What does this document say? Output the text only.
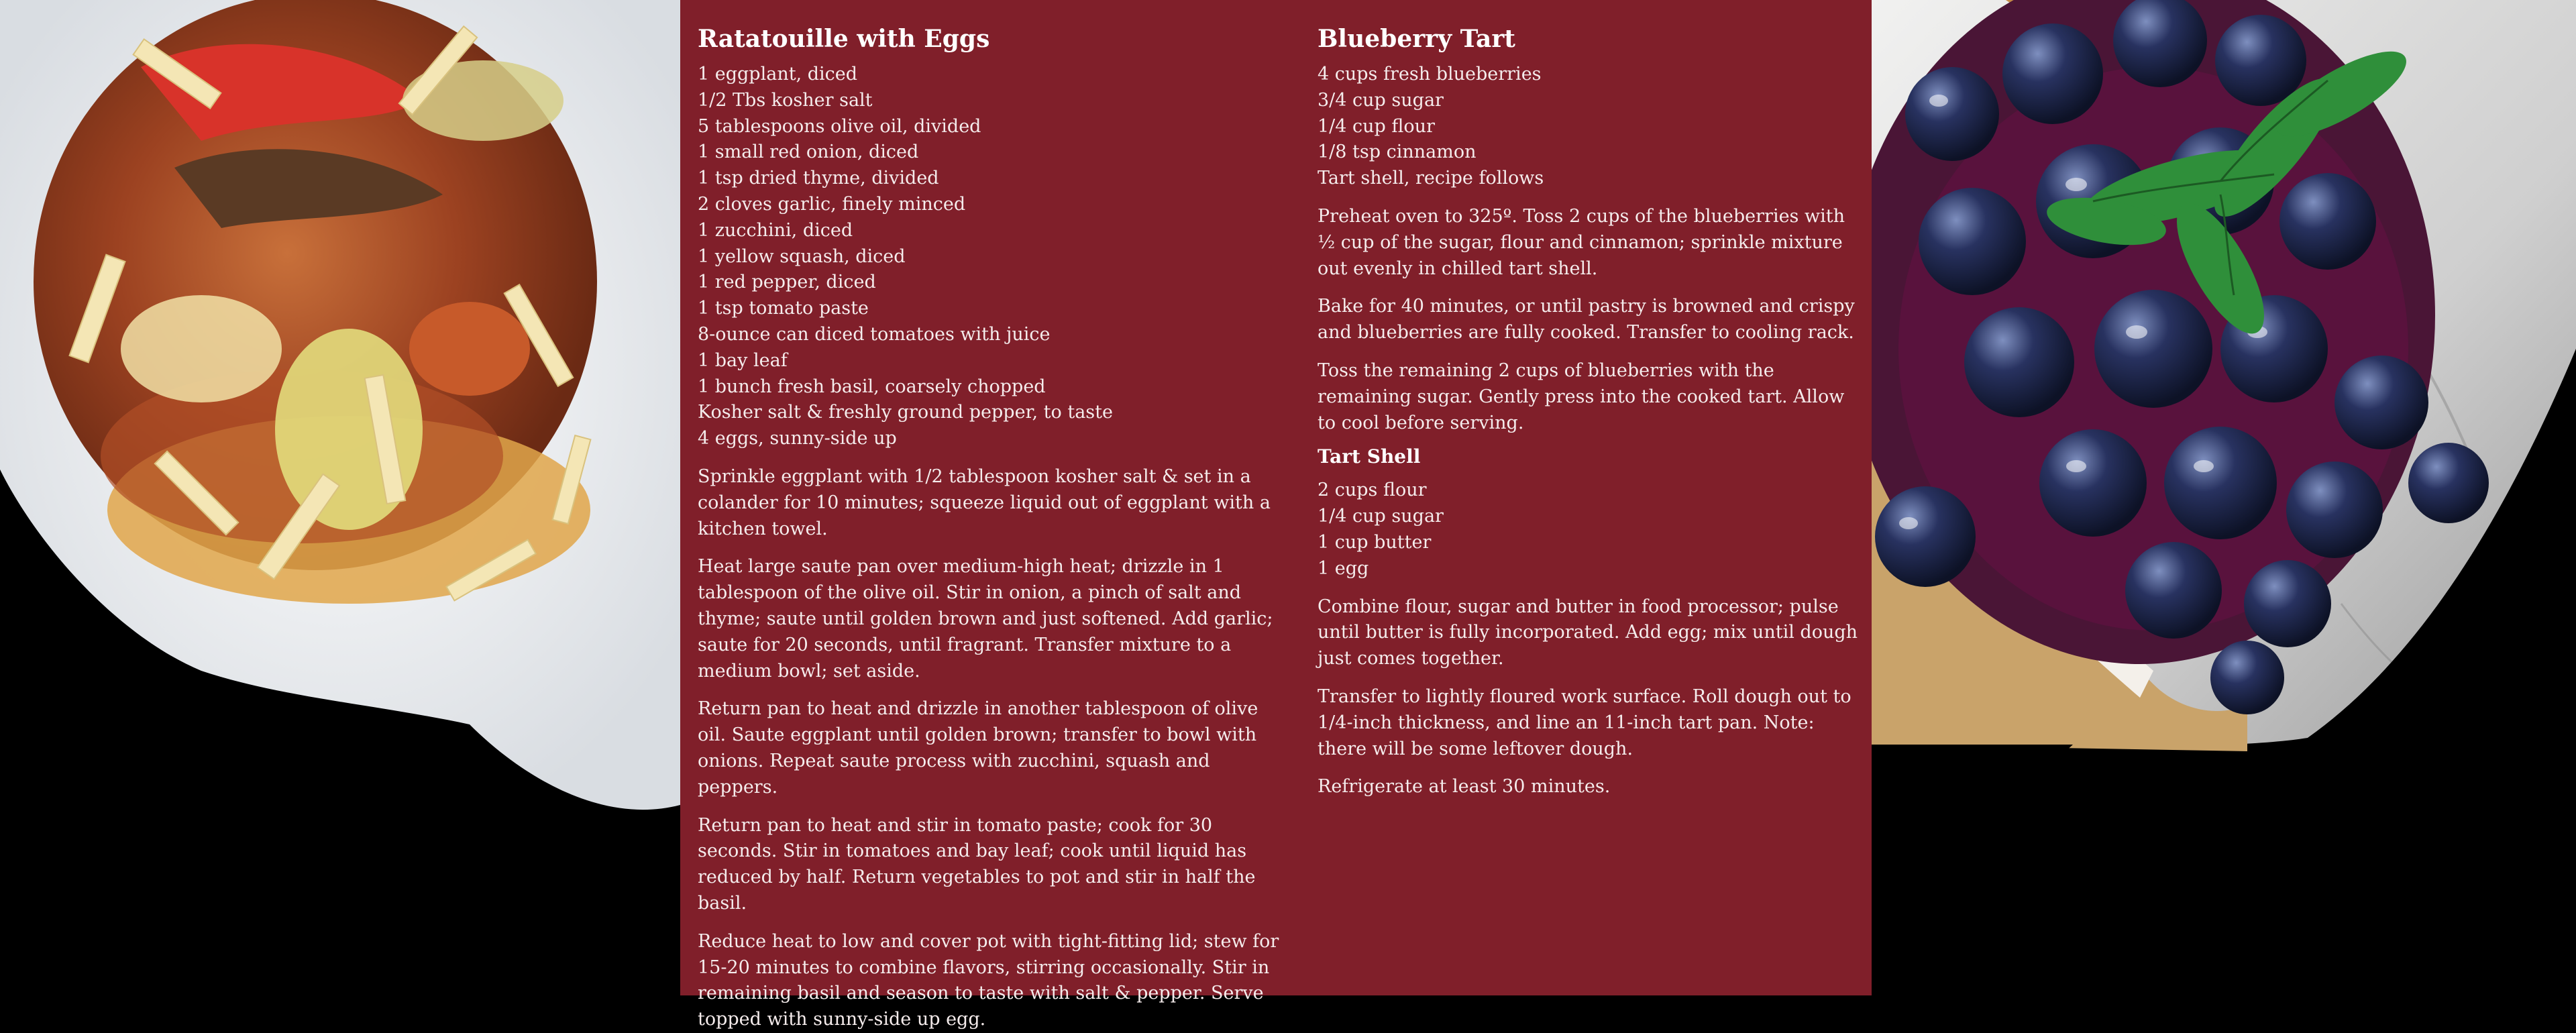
Ratatouille with Eggs
1 eggplant, diced
1/2 Tbs kosher salt
5 tablespoons olive oil, divided
1 small red onion, diced
1 tsp dried thyme, divided
2 cloves garlic, finely minced
1 zucchini, diced
1 yellow squash, diced
1 red pepper, diced
1 tsp tomato paste
8-ounce can diced tomatoes with juice
1 bay leaf
1 bunch fresh basil, coarsely chopped
Kosher salt & freshly ground pepper, to taste
4 eggs, sunny-side up

Sprinkle eggplant with 1/2 tablespoon kosher salt & set in a colander for 10 minutes; squeeze liquid out of eggplant with a kitchen towel.

Heat large saute pan over medium-high heat; drizzle in 1 tablespoon of the olive oil. Stir in onion, a pinch of salt and thyme; saute until golden brown and just softened. Add garlic; saute for 20 seconds, until fragrant. Transfer mixture to a medium bowl; set aside.

Return pan to heat and drizzle in another tablespoon of olive oil. Saute eggplant until golden brown; transfer to bowl with onions. Repeat saute process with zucchini, squash and peppers.

Return pan to heat and stir in tomato paste; cook for 30 seconds. Stir in tomatoes and bay leaf; cook until liquid has reduced by half. Return vegetables to pot and stir in half the basil.

Reduce heat to low and cover pot with tight-fitting lid; stew for 15-20 minutes to combine flavors, stirring occasionally. Stir in remaining basil and season to taste with salt & pepper. Serve topped with sunny-side up egg.

Blueberry Tart
4 cups fresh blueberries
3/4 cup sugar
1/4 cup flour
1/8 tsp cinnamon
Tart shell, recipe follows

Preheat oven to 325º. Toss 2 cups of the blueberries with ½ cup of the sugar, flour and cinnamon; sprinkle mixture out evenly in chilled tart shell.

Bake for 40 minutes, or until pastry is browned and crispy and blueberries are fully cooked. Transfer to cooling rack.

Toss the remaining 2 cups of blueberries with the remaining sugar. Gently press into the cooked tart. Allow to cool before serving.

Tart Shell
2 cups flour
1/4 cup sugar
1 cup butter
1 egg

Combine flour, sugar and butter in food processor; pulse until butter is fully incorporated. Add egg; mix until dough just comes together.

Transfer to lightly floured work surface. Roll dough out to 1/4-inch thickness, and line an 11-inch tart pan. Note: there will be some leftover dough.

Refrigerate at least 30 minutes.
